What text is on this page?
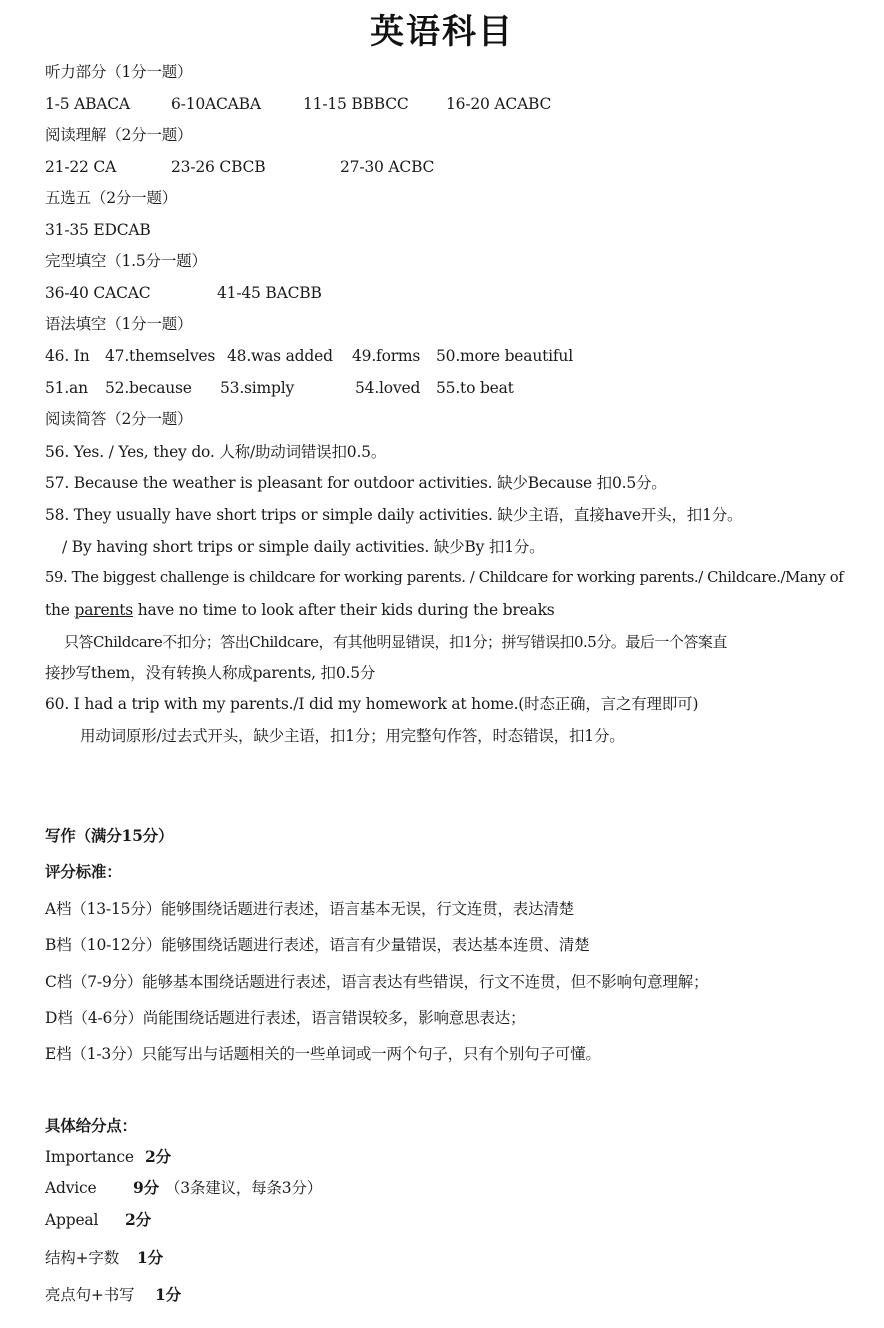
英语科目
听力部分（1分一题）
1-5 ABACA	6-10ACABA	11-15 BBBCC 16-20 ACABC
阅读理解（2分一题）
21-22 CA	23-26 CBCB	27-30 ACBC
五选五（2分一题）
31-35 EDCAB
完型填空（1.5分一题）
36-40 CACAC	41-45 BACBB
语法填空（1分一题）
46. In 47.themselves 48.was added 49.forms 50.more beautiful
51.an 52.because 53.simply	54.loved 55.to beat
阅读简答（2分一题）
56. Yes. / Yes, they do. 人称/助动词错误扣0.5。
57. Because the weather is pleasant for outdoor activities. 缺少Because 扣0.5分。
58. They usually have short trips or simple daily activities. 缺少主语，直接have开头，扣1分。
/ By having short trips or simple daily activities. 缺少By 扣1分。
59. The biggest challenge is childcare for working parents. / Childcare for working parents./ Childcare./Many of
the parents have no time to look after their kids during the breaks
只答Childcare不扣分；答出Childcare，有其他明显错误，扣1分；拼写错误扣0.5分。最后一个答案直
接抄写them，没有转换人称成parents, 扣0.5分
60. I had a trip with my parents./I did my homework at home.(时态正确，言之有理即可)
用动词原形/过去式开头，缺少主语，扣1分；用完整句作答，时态错误，扣1分。
写作（满分15分）
评分标准：
A档（13-15分）能够围绕话题进行表述，语言基本无误，行文连贯，表达清楚
B档（10-12分）能够围绕话题进行表述，语言有少量错误，表达基本连贯、清楚
C档（7-9分）能够基本围绕话题进行表述，语言表达有些错误，行文不连贯，但不影响句意理解；
D档（4-6分）尚能围绕话题进行表述，语言错误较多，影响意思表达；
E档（1-3分）只能写出与话题相关的一些单词或一两个句子，只有个别句子可懂。
具体给分点：
Importance 2分
Advice 9分 （3条建议，每条3分）
Appeal 2分
结构+字数 1分
亮点句+书写 1分
